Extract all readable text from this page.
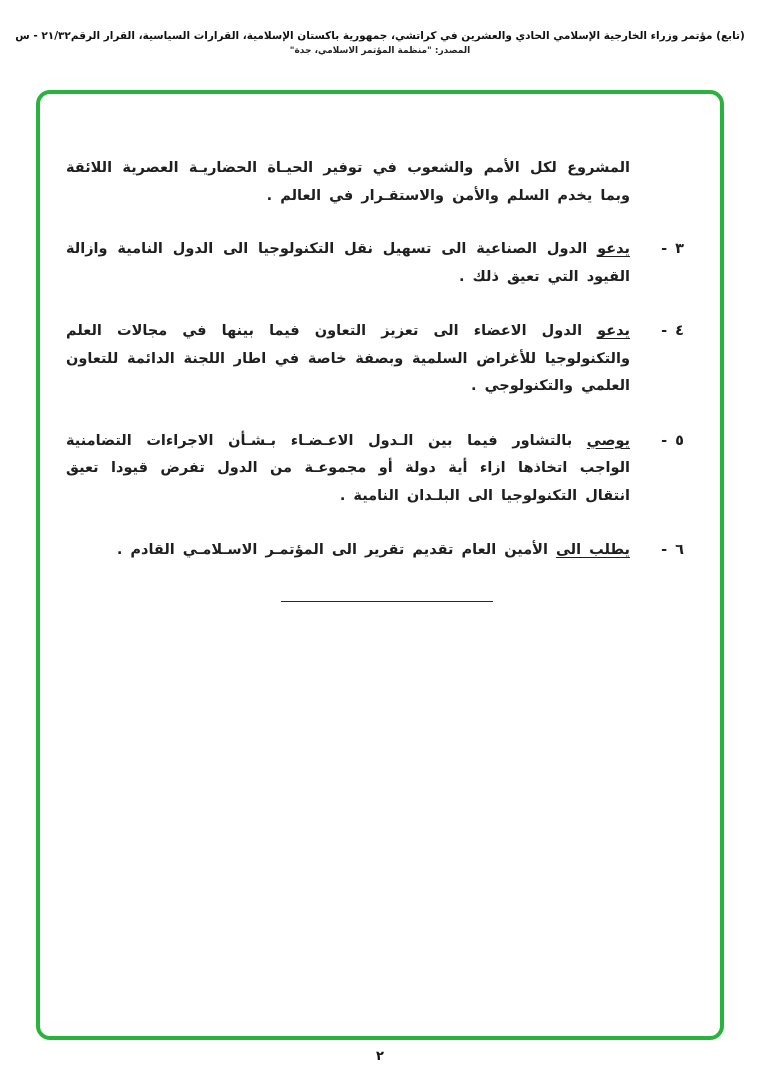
(تابع) مؤتمر وزراء الخارجية الإسلامي الحادي والعشرين في كراتشي، جمهورية باكستان الإسلامية، القرارات السياسية، القرار الرقم٢١/٣٢ - س
المصدر: "منظمة المؤتمر الاسلامي، جدة"

المشروع لكل الأمم والشعوب في توفير الحيـاة الحضاريـة العصرية اللائقة وبما يخدم السلم والأمن والاستقـرار في العالم .

٣ -

يدعو الدول الصناعية الى تسهيل نقل التكنولوجيا الى الدول النامية وازالة القيود التي تعيق ذلك .

٤ -

يدعو الدول الاعضاء الى تعزيز التعاون فيما بينها في مجالات العلم والتكنولوجيا للأغراض السلمية وبصفة خاصة في اطار اللجنة الدائمة للتعاون العلمي والتكنولوجي .

٥ -

يوصي بالتشاور فيما بين الـدول الاعـضـاء بـشـأن الاجراءات التضامنية الواجب اتخاذها ازاء أية دولة أو مجموعـة من الدول تفرض قيودا تعيق انتقال التكنولوجيا الى البلـدان النامية .

٦ -

يطلب الى الأمين العام تقديم تقرير الى المؤتمـر الاسـلامـي القادم .

٢
